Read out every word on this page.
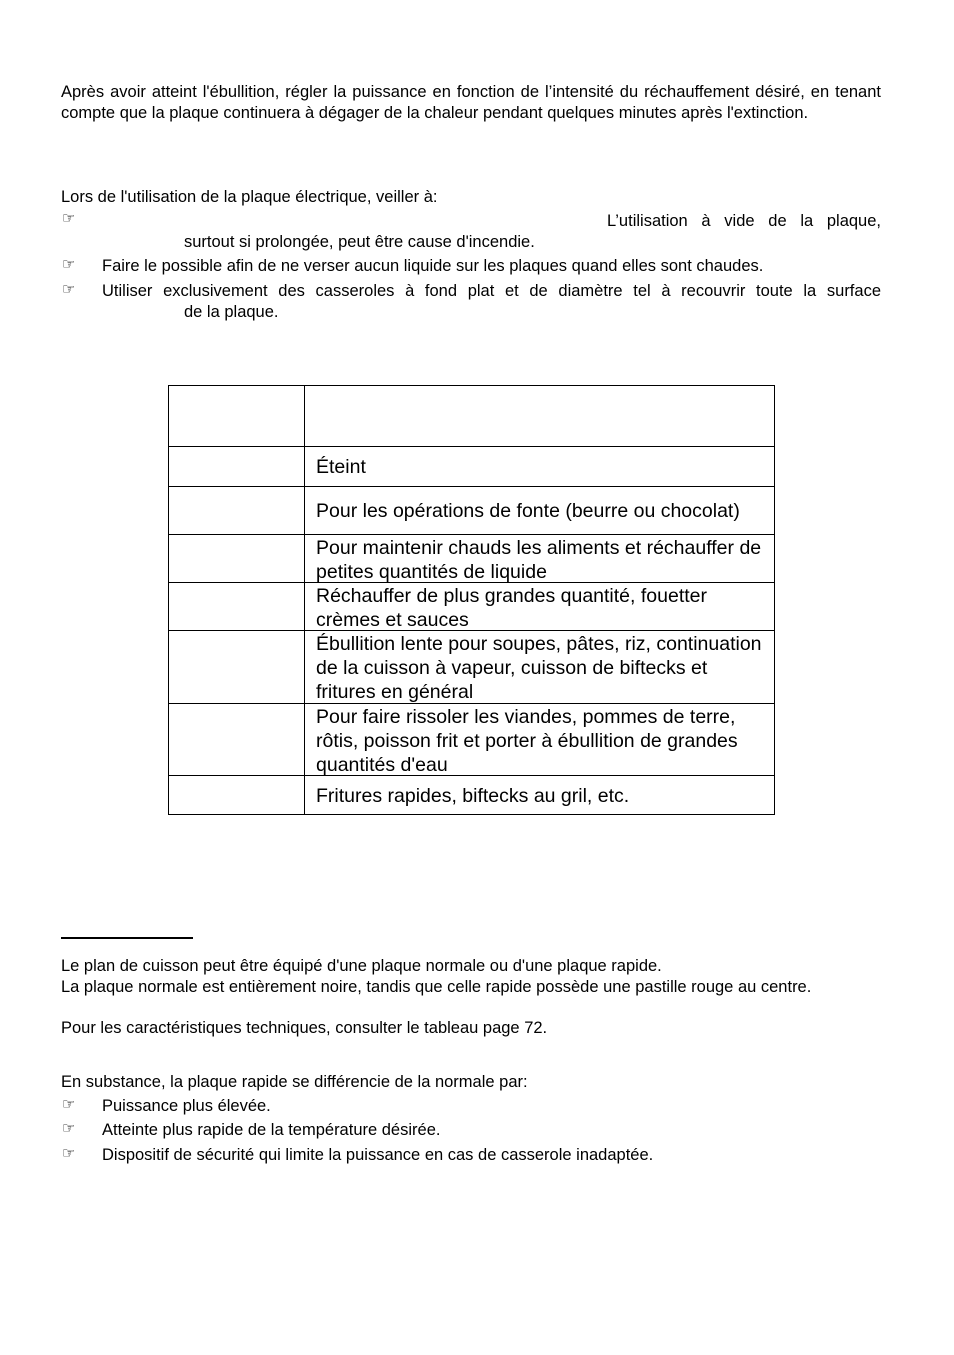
Après avoir atteint l'ébullition, régler la puissance en fonction de l’intensité du réchauffement désiré, en tenant compte que la plaque continuera à dégager de la chaleur pendant quelques minutes après l'extinction.
Lors de l'utilisation de la plaque électrique, veiller à:
☞	L’utilisation à vide de la plaque,
surtout si prolongée, peut être cause d'incendie.
☞ Faire le possible afin de ne verser aucun liquide sur les plaques quand elles sont chaudes.
☞ Utiliser exclusivement des casseroles à fond plat et de diamètre tel à recouvrir toute la surface
de la plaque.
Éteint
Pour les opérations de fonte (beurre ou chocolat)
Pour maintenir chauds les aliments et réchauffer de petites quantités de liquide
Réchauffer de plus grandes quantité, fouetter crèmes et sauces
Ébullition lente pour soupes, pâtes, riz, continuation de la cuisson à vapeur, cuisson de biftecks et fritures en général
Pour faire rissoler les viandes, pommes de terre, rôtis, poisson frit et porter à ébullition de grandes quantités d'eau
Fritures rapides, biftecks au gril, etc.
Le plan de cuisson peut être équipé d'une plaque normale ou d'une plaque rapide.
La plaque normale est entièrement noire, tandis que celle rapide possède une pastille rouge au centre.
Pour les caractéristiques techniques, consulter le tableau page 72.
En substance, la plaque rapide se différencie de la normale par:
☞ Puissance plus élevée.
☞ Atteinte plus rapide de la température désirée.
☞ Dispositif de sécurité qui limite la puissance en cas de casserole inadaptée.
